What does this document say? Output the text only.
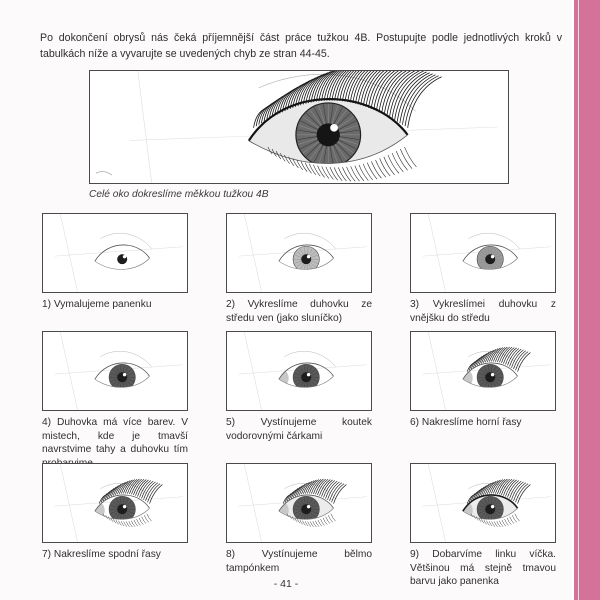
Po dokončení obrysů nás čeká příjemnější část práce tužkou 4B. Postupujte podle jednotlivých kroků v tabulkách níže a vyvarujte se uvedených chyb ze stran 44-45.

Celé oko dokreslíme měkkou tužkou 4B
1) Vymalujeme panenku	2) Vykreslíme duhovku ze středu ven (jako sluníčko)
3) Vykreslímei duhovku z vnějšku do středu
4) Duhovka má více barev. V mistech, kde je tmavší navrstvime tahy a duhovku tím
5) Vystínujeme koutek vodorovnými čárkami
6) Nakreslíme horní řasy
7) Nakreslíme spodní řasy	8) Vystínujeme bělmo tampónkem
9) Dobarvíme linku víčka. Většinou má stejně tmavou barvu jako panenka
- 41 -
